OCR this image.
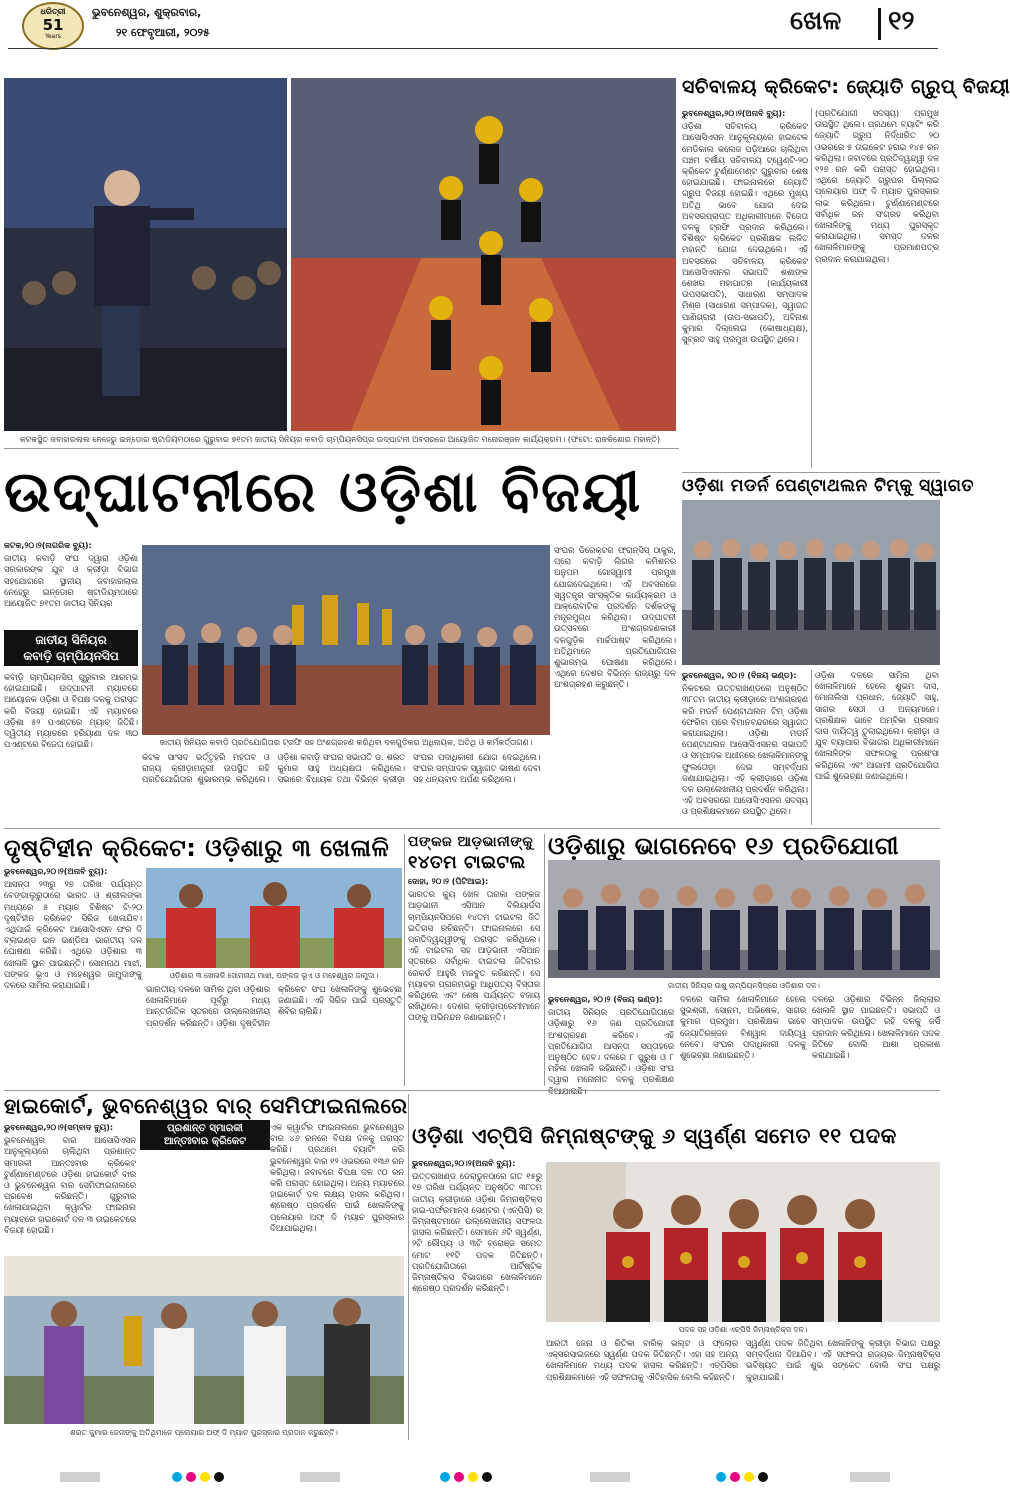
ଧରିତ୍ରୀ
51
Years
ଭୁବନେଶ୍ୱର, ଶୁକ୍ରବାର,
୨୧ ଫେବୃଆରୀ, ୨୦୨୫	ଖେଳ ୧୨
କଟକସ୍ଥିତ ଜବାହାରଲାଲ ନେହେରୁ ଇନ୍‌ଡୋର ଷ୍ଟାଡିୟମଠାରେ ଗୁରୁବାର ୭୧ତମ ଜାତୀୟ ସିନିୟର କବାଡ଼ି ଚାମ୍ପିୟନସିପ୍‌ର ଉଦ୍‌ଘାଟନୀ ଅବସରରେ ଆୟୋଜିତ ମନୋରଞ୍ଜନ କାର୍ଯ୍ୟକ୍ରମ। (ଫଟୋ: ରାଜକିଶୋର ମହାନ୍ତି)
ସଚିବାଳୟ କ୍ରିକେଟ: ଜ୍ୟୋତି ଗ୍ରୁପ୍ ବିଜୟୀ
ଭୁବନେଶ୍ୱର,୨୦।୨(ଅନାବି ବ୍ୟୁ):

ଓଡ଼ିଶା ସଚିବାଳୟ କ୍ରିକେଟ ଆସୋସିଏସନ ଆନୁକୂଲ୍ୟରେ ହାଇଟେକ ମେଡିକାଲ କଲେଜ ପଡ଼ିଆରେ ଚାଲିଥିବା ପଞ୍ଚମ ବର୍ଷୀୟ ସଚିବାଳୟ ଟ୍ୱେଣ୍ଟି-୨୦ କ୍ରିକେଟ ଟୁର୍ଣ୍ଣାମେଣ୍ଟ ଗୁରୁବାର ଶେଷ ହୋଇଯାଇଛି। ଫାଇନାଲରେ ଜ୍ୟୋତି ଗ୍ରୁପ ବିଜୟୀ ହୋଇଛି। ଏଥିରେ ମୁଖ୍ୟ ଅତିଥି ଭାବେ ଯୋଗ ଦେଇ ଅବସରପ୍ରାପ୍ତ ଅଧିକାରୀମାନେ ବିଜେତା ଦଳକୁ ଟ୍ରଫି ପ୍ରଦାନ କରିଥିଲେ। ବିଶିଷ୍ଟ କ୍ରିକେଟ ପ୍ରଶିକ୍ଷକ ଲଳିତ ମହାନ୍ତି ଯୋଗ ଦେଇଥିଲେ। ଏହି ଅବସରରେ ସଚିବାଳୟ କ୍ରିକେଟ ଆସୋସିଏସନର ସଭାପତି ଶଶାଙ୍କ ଶେଖର ମହାପାତ୍ର (କାର୍ଯ୍ୟକାରୀ ଉପସଭାପତି), ସାଧାରଣ ସମ୍ପାଦକ ମିଶ୍ର (ସାଧାରଣ ସମ୍ପାଦକ), ସ୍ୱାଗତ ପାଣିଗ୍ରାହୀ (ଉପ-ସଭାପତି), ଅବିନାଶ କୁମାର ଦିଲ୍ଲେଇ (କୋଷାଧ୍ୟକ୍ଷ), ସୁବ୍ରତ ସାହୁ ପ୍ରମୁଖ ଉପସ୍ଥିତ ଥିଲେ।

(ପ୍ରତିଯୋଗୀ ସଦସ୍ୟ) ପ୍ରମୁଖ ଉପସ୍ଥିତ ଥିଲେ। ପ୍ରଥମେ ବ୍ୟାଟିଂ କରି ଜ୍ୟୋତି ଗ୍ରୁପ ନିର୍ଦ୍ଧାରିତ ୨୦ ଓଭରରେ ୫ ଉଇକେଟ ହରାଇ ୧୪୫ ରନ କରିଥିଲା। ଜବାବରେ ପ୍ରତିଦ୍ୱନ୍ଦ୍ୱୀ ଦଳ ୧୨୭ ରନ କରି ପରାସ୍ତ ହୋଇଥିଲା। ଏଥିରେ ଜ୍ୟୋତି ଗ୍ରୁପର ପିଲ୍ଲାଇ ପ୍ଲେୟାର ଅଫ୍ ଦି ମ୍ୟାଚ ପୁରସ୍କାର ଲାଭ କରିଥିଲେ। ଟୁର୍ଣ୍ଣାମେଣ୍ଟରେ ସର୍ବାଧିକ ରନ ସଂଗ୍ରହ କରିଥିବା ଖେଳାଳିଙ୍କୁ ମଧ୍ୟ ପୁରସ୍କୃତ କରାଯାଇଥିଲା। ସମସ୍ତ ଦଳର ଖେଳାଳିମାନଙ୍କୁ ପ୍ରମାଣପତ୍ର ପ୍ରଦାନ କରାଯାଇଥିଲା।

ଓଡ଼ିଶା ମଡର୍ନ ପେଣ୍ଟାଥଲନ ଟିମ୍‌କୁ ସ୍ୱାଗତ
ଭୁବନେଶ୍ୱର, ୨୦।୨ (ବିଜୟ ଭଣ୍ଡ):

ନିକଟରେ ଉତ୍ତରାଖଣ୍ଡରେ ଅନୁଷ୍ଠିତ ୩୮ତମ ଜାତୀୟ କ୍ରୀଡ଼ାରେ ଅଂଶଗ୍ରହଣ କରି ମଡର୍ନ ପେଣ୍ଟାଥଲନ ଟିମ୍ ଓଡ଼ିଶା ଫେରିବା ପରେ ବିମାନବନ୍ଦରରେ ସ୍ୱାଗତ କରାଯାଇଥିଲା। ଓଡ଼ିଶା ମଡର୍ନ ପେଣ୍ଟାଥଲନ ଆସୋସିଏସନର ସଭାପତି ଓ ସମ୍ପାଦକ ଅଧୀନରେ ଖେଳାଳିମାନଙ୍କୁ ଫୁଲତୋଡ଼ା ଦେଇ ସମ୍ବର୍ଦ୍ଧନା ଜଣାଯାଇଥିଲା। ଏହି କ୍ରୀଡ଼ାରେ ଓଡ଼ିଶା ଦଳ ଉଲ୍ଲେଖନୀୟ ପ୍ରଦର୍ଶନ କରିଥିଲା। ଏହି ଅବସରରେ ଆସୋସିଏସନର ସଦସ୍ୟ ଓ ପ୍ରଶିକ୍ଷକମାନେ ଉପସ୍ଥିତ ଥିଲେ।

ଓଡ଼ିଶା ଦଳରେ ସାମିଲ ଥିବା ଖେଳାଳିମାନେ ହେଲେ ଶୁଭମ ଦାସ, ମୋନାଲିସା ପ୍ରଧାନ, ଜ୍ୟୋତି ସାହୁ, ସାଗର ସେଠୀ ଓ ଅନ୍ୟମାନେ। ପ୍ରଶିକ୍ଷକ ଭାବେ ଅମ୍ବିକା ପ୍ରସାଦ ଦାସ ଦାୟିତ୍ୱ ତୁଲାଇଥିଲେ। କ୍ରୀଡ଼ା ଓ ଯୁବ ବ୍ୟାପାର ବିଭାଗର ଅଧିକାରୀମାନେ ଖେଳାଳିଙ୍କ ସଫଳତାକୁ ପ୍ରଶଂସା କରିଥିଲେ ଏବଂ ଆଗାମୀ ପ୍ରତିଯୋଗିତା ପାଇଁ ଶୁଭେଚ୍ଛା ଜଣାଇଥିଲେ।

ଉଦ୍‌ଘାଟନୀରେ ଓଡ଼ିଶା ବିଜୟୀ
କଟକ,୨୦।୨(ନାଗରିକ ବ୍ୟୁ):

ଜାତୀୟ କବାଡ଼ି ସଂଘ ଦ୍ୱାରା ଓଡ଼ିଶା ସରକାରଙ୍କ ଯୁବ ଓ କ୍ରୀଡ଼ା ବିଭାଗ ସହଯୋଗରେ ସ୍ଥାନୀୟ ଜବାହାରଲାଲ ନେହେରୁ ଇନ୍‌ଡୋର ଷ୍ଟାଡିୟମଠାରେ ଆୟୋଜିତ ୭୧ତମ ଜାତୀୟ ସିନିୟର

ଜାତୀୟ ସିନିୟର
କବାଡ଼ି ଚାମ୍ପିୟନସିପ

କବାଡ଼ି ଚାମ୍ପିୟନସିପ୍ ଗୁରୁବାର ଆରମ୍ଭ ହୋଇଯାଇଛି। ଉଦ୍‌ଘାଟନୀ ମ୍ୟାଚରେ ଆୟୋଜକ ଓଡ଼ିଶା ଓ ବିପକ୍ଷ ଦଳକୁ ପରାସ୍ତ କରି ବିଜୟୀ ହୋଇଛି। ଏହି ମ୍ୟାଚରେ ଓଡ଼ିଶା ୫୨ ପଏଣ୍ଟରେ ମ୍ୟାଚ୍ ଜିତିଛି। ଦ୍ୱିତୀୟ ମ୍ୟାଚରେ ହରିୟାଣା ଦଳ ୩୦ ପଏଣ୍ଟରେ ବିଜେତା ହୋଇଛି।	ଜାତୀୟ ସିନିୟର କବାଡ଼ି ପ୍ରତିଯୋଗିତାର ଟ୍ରଫି ସହ ଅଂଶଗ୍ରହଣ କରିଥିବା ଦଳଗୁଡ଼ିକର ଅଧିନାୟକ, ଅତିଥି ଓ କର୍ମକର୍ତ୍ତାଗଣ।

ସଂଘର ଡିରେକ୍ଟର ଫ୍ରାନ୍ସିସ୍ ଠାକୁର, ପ୍ରୋ କବାଡ଼ି ଲିଗର କମିଶନର ଅନୁପମ ଗୋସ୍ୱାମୀ ପ୍ରମୁଖ ଯୋଗଦେଇଥିଲେ। ଏହି ଅବସରରେ ସ୍ୱତନ୍ତ୍ର ସାଂସ୍କୃତିକ କାର୍ଯ୍ୟକ୍ରମ ଓ ଆକ୍ରୋବାଟିକ ପ୍ରଦର୍ଶନ ଦର୍ଶକଙ୍କୁ ମନ୍ତ୍ରମୁଗ୍ଧ କରିଥିଲା। ଉଦ୍‌ଘାଟନୀ ଉତ୍ସବରେ ଅଂଶଗ୍ରହଣକାରୀ ଦଳଗୁଡ଼ିକ ମାର୍ଚ୍ଚପାଷ୍ଟ କରିଥିଲେ। ଅତିଥିମାନେ ପ୍ରତିଯୋଗିତାର ଶୁଭାରମ୍ଭ ଘୋଷଣା କରିଥିଲେ। ଏଥିରେ ଦେଶର ବିଭିନ୍ନ ରାଜ୍ୟରୁ ଦଳ ଅଂଶଗ୍ରହଣ କରୁଛନ୍ତି।

କଟକ ସାଂସଦ ଭର୍ତ୍ତୃହରି ମହତାବ ଓ ରାଜ୍ୟ କ୍ରୀଡ଼ାମନ୍ତ୍ରୀ ଉପସ୍ଥିତ ରହି ପ୍ରତିଯୋଗିତାର ଶୁଭାରମ୍ଭ କରିଥିଲେ। ଓଡ଼ିଶା କବାଡ଼ି ସଂଘର ସଭାପତି ଡ. ଶରତ କୁମାର ସାହୁ ଅଧ୍ୟକ୍ଷତା କରିଥିଲେ। ସଭାରେ ବିଧାୟକ ତଥା ବିଭିନ୍ନ କ୍ରୀଡ଼ା ସଂଘର ପଦାଧିକାରୀ ଯୋଗ ଦେଇଥିଲେ। ସଂଘର ସମ୍ପାଦକ ସ୍ୱାଗତ ଭାଷଣ ଦେବା ସହ ଧନ୍ୟବାଦ ଅର୍ପଣ କରିଥିଲେ।

ଦୃଷ୍ଟିହୀନ କ୍ରିକେଟ: ଓଡ଼ିଶାରୁ ୩ ଖେଳାଳି
ଭୁବନେଶ୍ୱର,୨୦।୨(ଅନାବି ବ୍ୟୁ):

ଆସନ୍ତା ୨୩ରୁ ୨୭ ତାରିଖ ପର୍ଯ୍ୟନ୍ତ ବେଙ୍ଗାଲୁରୁଠାରେ ଭାରତ ଓ ଶ୍ରୀଲଙ୍କା ମଧ୍ୟରେ ୫ ମ୍ୟାଚ ବିଶିଷ୍ଟ ଟି-୨୦ ଦୃଷ୍ଟିହୀନ କ୍ରିକେଟ ସିରିଜ ଖେଳାଯିବ। ଏଥିପାଇଁ କ୍ରିକେଟ ଆସୋସିଏସନ ଫର ଦି ବ୍ଲାଇଣ୍ଡ ଇନ ଇଣ୍ଡିଆ ଭାରତୀୟ ଦଳ ଘୋଷଣା କରିଛି। ଏଥିରେ ଓଡ଼ିଶାର ୩ ଖେଳାଳି ସ୍ଥାନ ପାଇଛନ୍ତି। ସୋମନାଥ ମାଝୀ, ପଙ୍କଜ ଭୂଏ ଓ ମହେଶ୍ୱର ଜାମୁଦାଙ୍କୁ ଦଳରେ ସାମିଲ କରାଯାଇଛି।

ଓଡ଼ିଶାର ୩ ଖେଳାଳି ସୋମନାଥ ମାଝୀ, ପଙ୍କଜ ଭୂଏ ଓ ମହେଶ୍ୱର ଜାମୁଦା।

ଭାରତୀୟ ଦଳରେ ସାମିଲ ଥିବା ଓଡ଼ିଶାର ଖେଳାଳିମାନେ ପୂର୍ବରୁ ମଧ୍ୟ ଆନ୍ତର୍ଜାତିକ ସ୍ତରରେ ଉଲ୍ଲେଖନୀୟ ପ୍ରଦର୍ଶନ କରିଛନ୍ତି। ଓଡ଼ିଶା ଦୃଷ୍ଟିହୀନ କ୍ରିକେଟ ସଂଘ ଖେଳାଳିଙ୍କୁ ଶୁଭେଚ୍ଛା ଜଣାଇଛି। ଏହି ସିରିଜ ପାଇଁ ପ୍ରସ୍ତୁତି ଶିବିର ଚାଲିଛି।

ପଙ୍କଜ ଆଡ଼ଭାନୀଙ୍କୁ
୧୪ତମ ଟାଇଟଲ
ଦୋହା, ୨୦।୨ (ପିଟିଆଇ):

ଭାରତର କ୍ୟୁ ଖେଳ ତାରକା ପଙ୍କଜ ଆଡ଼ଭାନୀ ଏସିଆନ ବିଲିୟାର୍ଡସ ଚାମ୍ପିୟନସିପରେ ୧୪ତମ ଟାଇଟଲ ଜିତି ଇତିହାସ ରଚିଛନ୍ତି। ଫାଇନାଲରେ ସେ ପ୍ରତିଦ୍ୱନ୍ଦ୍ୱୀଙ୍କୁ ପରାସ୍ତ କରିଥିଲେ। ଏହି ଟାଇଟଲ ସହ ଆଡ଼ଭାନୀ ଏସିଆନ ସ୍ତରରେ ସର୍ବାଧିକ ଟାଇଟଲ ଜିତିବାର ରେକର୍ଡ ଆହୁରି ମଜବୁତ କରିଛନ୍ତି। ସେ ମ୍ୟାଚର ପ୍ରାରମ୍ଭରୁ ଆଧିପତ୍ୟ ବିସ୍ତାର କରିଥିଲେ ଏବଂ ଶେଷ ପର୍ଯ୍ୟନ୍ତ ବଜାୟ ରଖିଥିଲେ। ଦେଶର କ୍ରୀଡ଼ାପ୍ରେମୀମାନେ ତାଙ୍କୁ ଅଭିନନ୍ଦନ ଜଣାଇଛନ୍ତି।

ଓଡ଼ିଶାରୁ ଭାଗନେବେ ୧୬ ପ୍ରତିଯୋଗୀ
ଜାତୀୟ ସିନିୟର ଉଶୁ ଚାମ୍ପିୟନସିପ୍‌ରେ ଓଡ଼ିଶାର ଦଳ।
ଭୁବନେଶ୍ୱର, ୨୦।୨ (ବିଜୟ ଭଣ୍ଡ):

ଜାତୀୟ ସିନିୟର ପ୍ରତିଯୋଗିତାରେ ଓଡ଼ିଶାରୁ ୧୬ ଜଣ ପ୍ରତିଯୋଗୀ ଅଂଶଗ୍ରହଣ କରିବେ। ଏହି ପ୍ରତିଯୋଗିତା ଆସନ୍ତା ସପ୍ତାହରେ ଅନୁଷ୍ଠିତ ହେବ। ଦଳରେ ୮ ପୁରୁଷ ଓ ୮ ମହିଳା ଖେଳାଳି ରହିଛନ୍ତି। ଓଡ଼ିଶା ସଂଘ ଦ୍ୱାରା ମନୋନୀତ ଦଳକୁ ପ୍ରଶିକ୍ଷଣ

ଦଳରେ ସାମିଲ ଖେଳାଳିମାନେ ହେଲେ ସୁଭଶ୍ରୀ, ସୋନମ, ଅଭିଷେକ, ସାଗର କୁମାର ପ୍ରମୁଖ। ପ୍ରଶିକ୍ଷକ ଭାବେ ଜ୍ୟୋତିରଞ୍ଜନ ବିଶ୍ୱାଳ ଦାୟିତ୍ୱ ନେବେ। ସଂଘର ପଦାଧିକାରୀ ଦଳକୁ ଶୁଭେଚ୍ଛା ଜଣାଇଛନ୍ତି।

ଦଳରେ ଓଡ଼ିଶାର ବିଭିନ୍ନ ଜିଲ୍ଲାର ଖେଳାଳି ସ୍ଥାନ ପାଇଛନ୍ତି। ସଭାପତି ଓ ସମ୍ପାଦକ ଉପସ୍ଥିତ ରହି ଦଳକୁ ଜର୍ସି ପ୍ରଦାନ କରିଥିଲେ। ଖେଳାଳିମାନେ ପଦକ ଜିତିବେ ବୋଲି ଆଶା ପ୍ରକାଶ କରାଯାଇଛି।

ହାଇକୋର୍ଟ, ଭୁବନେଶ୍ୱର ବାର୍ ସେମିଫାଇନାଲରେ
ପ୍ରଶାନ୍ତ ସ୍ମାରକୀ
ଆନ୍ତଃବାର କ୍ରିକେଟ
ଭୁବନେଶ୍ୱର,୨୦।୨(ସମ୍ବାଦ ବ୍ୟୁ):

ଭୁବନେଶ୍ୱର ବାର ଆସୋସିଏସନ ଆନୁକୂଲ୍ୟରେ ଚାଲିଥିବା ପ୍ରଶାନ୍ତ ସ୍ମାରକୀ ଆନ୍ତଃବାର କ୍ରିକେଟ ଟୁର୍ଣ୍ଣାମେଣ୍ଟରେ ଓଡ଼ିଶା ହାଇକୋର୍ଟ ବାର ଓ ଭୁବନେଶ୍ୱର ବାର ସେମିଫାଇନାଲରେ ପ୍ରବେଶ କରିଛନ୍ତି। ଗୁରୁବାର ଖେଳାଯାଇଥିବା କ୍ୱାର୍ଟର ଫାଇନାଲ ମ୍ୟାଚରେ ହାଇକୋର୍ଟ ଦଳ ୩ ଉଇକେଟରେ ବିଜୟୀ ହୋଇଛି।

ଏକ କ୍ୱାର୍ଟର ଫାଇନାଲରେ ଭୁବନେଶ୍ୱର ବାର ୪୬ ରନରେ ବିପକ୍ଷ ଦଳକୁ ପରାସ୍ତ କରିଛି। ପ୍ରଥମେ ବ୍ୟାଟିଂ କରି ଭୁବନେଶ୍ୱର ବାର ୧୨ ଓଭରରେ ୧୩୬ ରନ କରିଥିଲା। ଜବାବରେ ବିପକ୍ଷ ଦଳ ୯୦ ରନ କରି ପରାସ୍ତ ହୋଇଥିଲା। ଅନ୍ୟ ମ୍ୟାଚରେ ହାଇକୋର୍ଟ ଦଳ ଲକ୍ଷ୍ୟ ହାସଲ କରିଥିଲା। ଶ୍ରେଷ୍ଠ ପ୍ରଦର୍ଶନ ପାଇଁ ଖେଳାଳିଙ୍କୁ ପ୍ଲେୟାର ଅଫ୍ ଦି ମ୍ୟାଚ ପୁରସ୍କାର ଦିଆଯାଇଥିଲା।

ଶରତ କୁମାର ଜେନାଙ୍କୁ ଅତିଥିମାନେ ପ୍ଲେୟାର ଅଫ୍ ଦି ମ୍ୟାଚ ପୁରସ୍କାର ପ୍ରଦାନ କରୁଛନ୍ତି।
ଓଡ଼ିଶା ଏଚ୍‌ପିସି ଜିମ୍ନାଷ୍ଟଙ୍କୁ ୬ ସ୍ୱର୍ଣ୍ଣ ସମେତ ୧୧ ପଦକ
ଭୁବନେଶ୍ୱର,୨୦।୨(ଅନାବି ବ୍ୟୁ):

ଉତ୍ତରାଖଣ୍ଡ ଡେରାଡୁନଠାରେ ଗତ ୧୫ରୁ ୧୭ ତାରିଖ ପର୍ଯ୍ୟନ୍ତ ଅନୁଷ୍ଠିତ ୩୮ତମ ଜାତୀୟ କ୍ରୀଡ଼ାରେ ଓଡ଼ିଶା ଜିମ୍ନାଷ୍ଟିକ୍ସ ହାଇ-ପର୍ଫରମାନ୍ସ ସେଣ୍ଟର (ଏଚ୍‌ପିସି) ର ଜିମ୍ନାଷ୍ଟମାନେ ଉଲ୍ଲେଖନୀୟ ସଫଳତା ହାସଲ କରିଛନ୍ତି। ସେମାନେ ୬ଟି ସ୍ୱର୍ଣ୍ଣ, ୨ଟି ରୌପ୍ୟ ଓ ୩ଟି ବ୍ରୋଞ୍ଜ ସମେତ ମୋଟ ୧୧ଟି ପଦକ ଜିତିଛନ୍ତି। ପ୍ରତିଯୋଗିତାରେ ଆର୍ଟିଷ୍ଟିକ ଜିମ୍ନାଷ୍ଟିକ୍ସ ବିଭାଗରେ ଖେଳାଳିମାନେ ଶ୍ରେଷ୍ଠ ପ୍ରଦର୍ଶନ କରିଛନ୍ତି।

ପଦକ ସହ ଓଡ଼ିଶା ଏଚ୍‌ପିସି ଜିମ୍ନାଷ୍ଟିକ୍ସ ଦଳ।

ଆରତୀ ଜେନା ଓ ରିତିକା ବାରିକ୍ ଭଲ୍ଟ ଓ ଫ୍ଲୋର ଏକ୍ସରସାଇଜରେ ସ୍ୱର୍ଣ୍ଣ ପଦକ ଜିତିଛନ୍ତି। ଏହା ସହ ଅନ୍ୟ ଖେଳାଳିମାନେ ମଧ୍ୟ ପଦକ ହାସଲ କରିଛନ୍ତି। ଏଚ୍‌ପିସିର ପ୍ରଶିକ୍ଷକମାନେ ଏହି ସଫଳତାକୁ ଐତିହାସିକ ବୋଲି କହିଛନ୍ତି।

ସ୍ୱର୍ଣ୍ଣ ପଦକ ଜିତିଥିବା ଖେଳାଳିଙ୍କୁ କ୍ରୀଡ଼ା ବିଭାଗ ପକ୍ଷରୁ ସମ୍ବର୍ଦ୍ଧନା ଦିଆଯିବ। ଏହି ସଫଳତା ରାଜ୍ୟର ଜିମ୍ନାଷ୍ଟିକ୍ସ ଭବିଷ୍ୟତ ପାଇଁ ଶୁଭ ସଙ୍କେତ ବୋଲି ସଂଘ ପକ୍ଷରୁ କୁହାଯାଇଛି।
